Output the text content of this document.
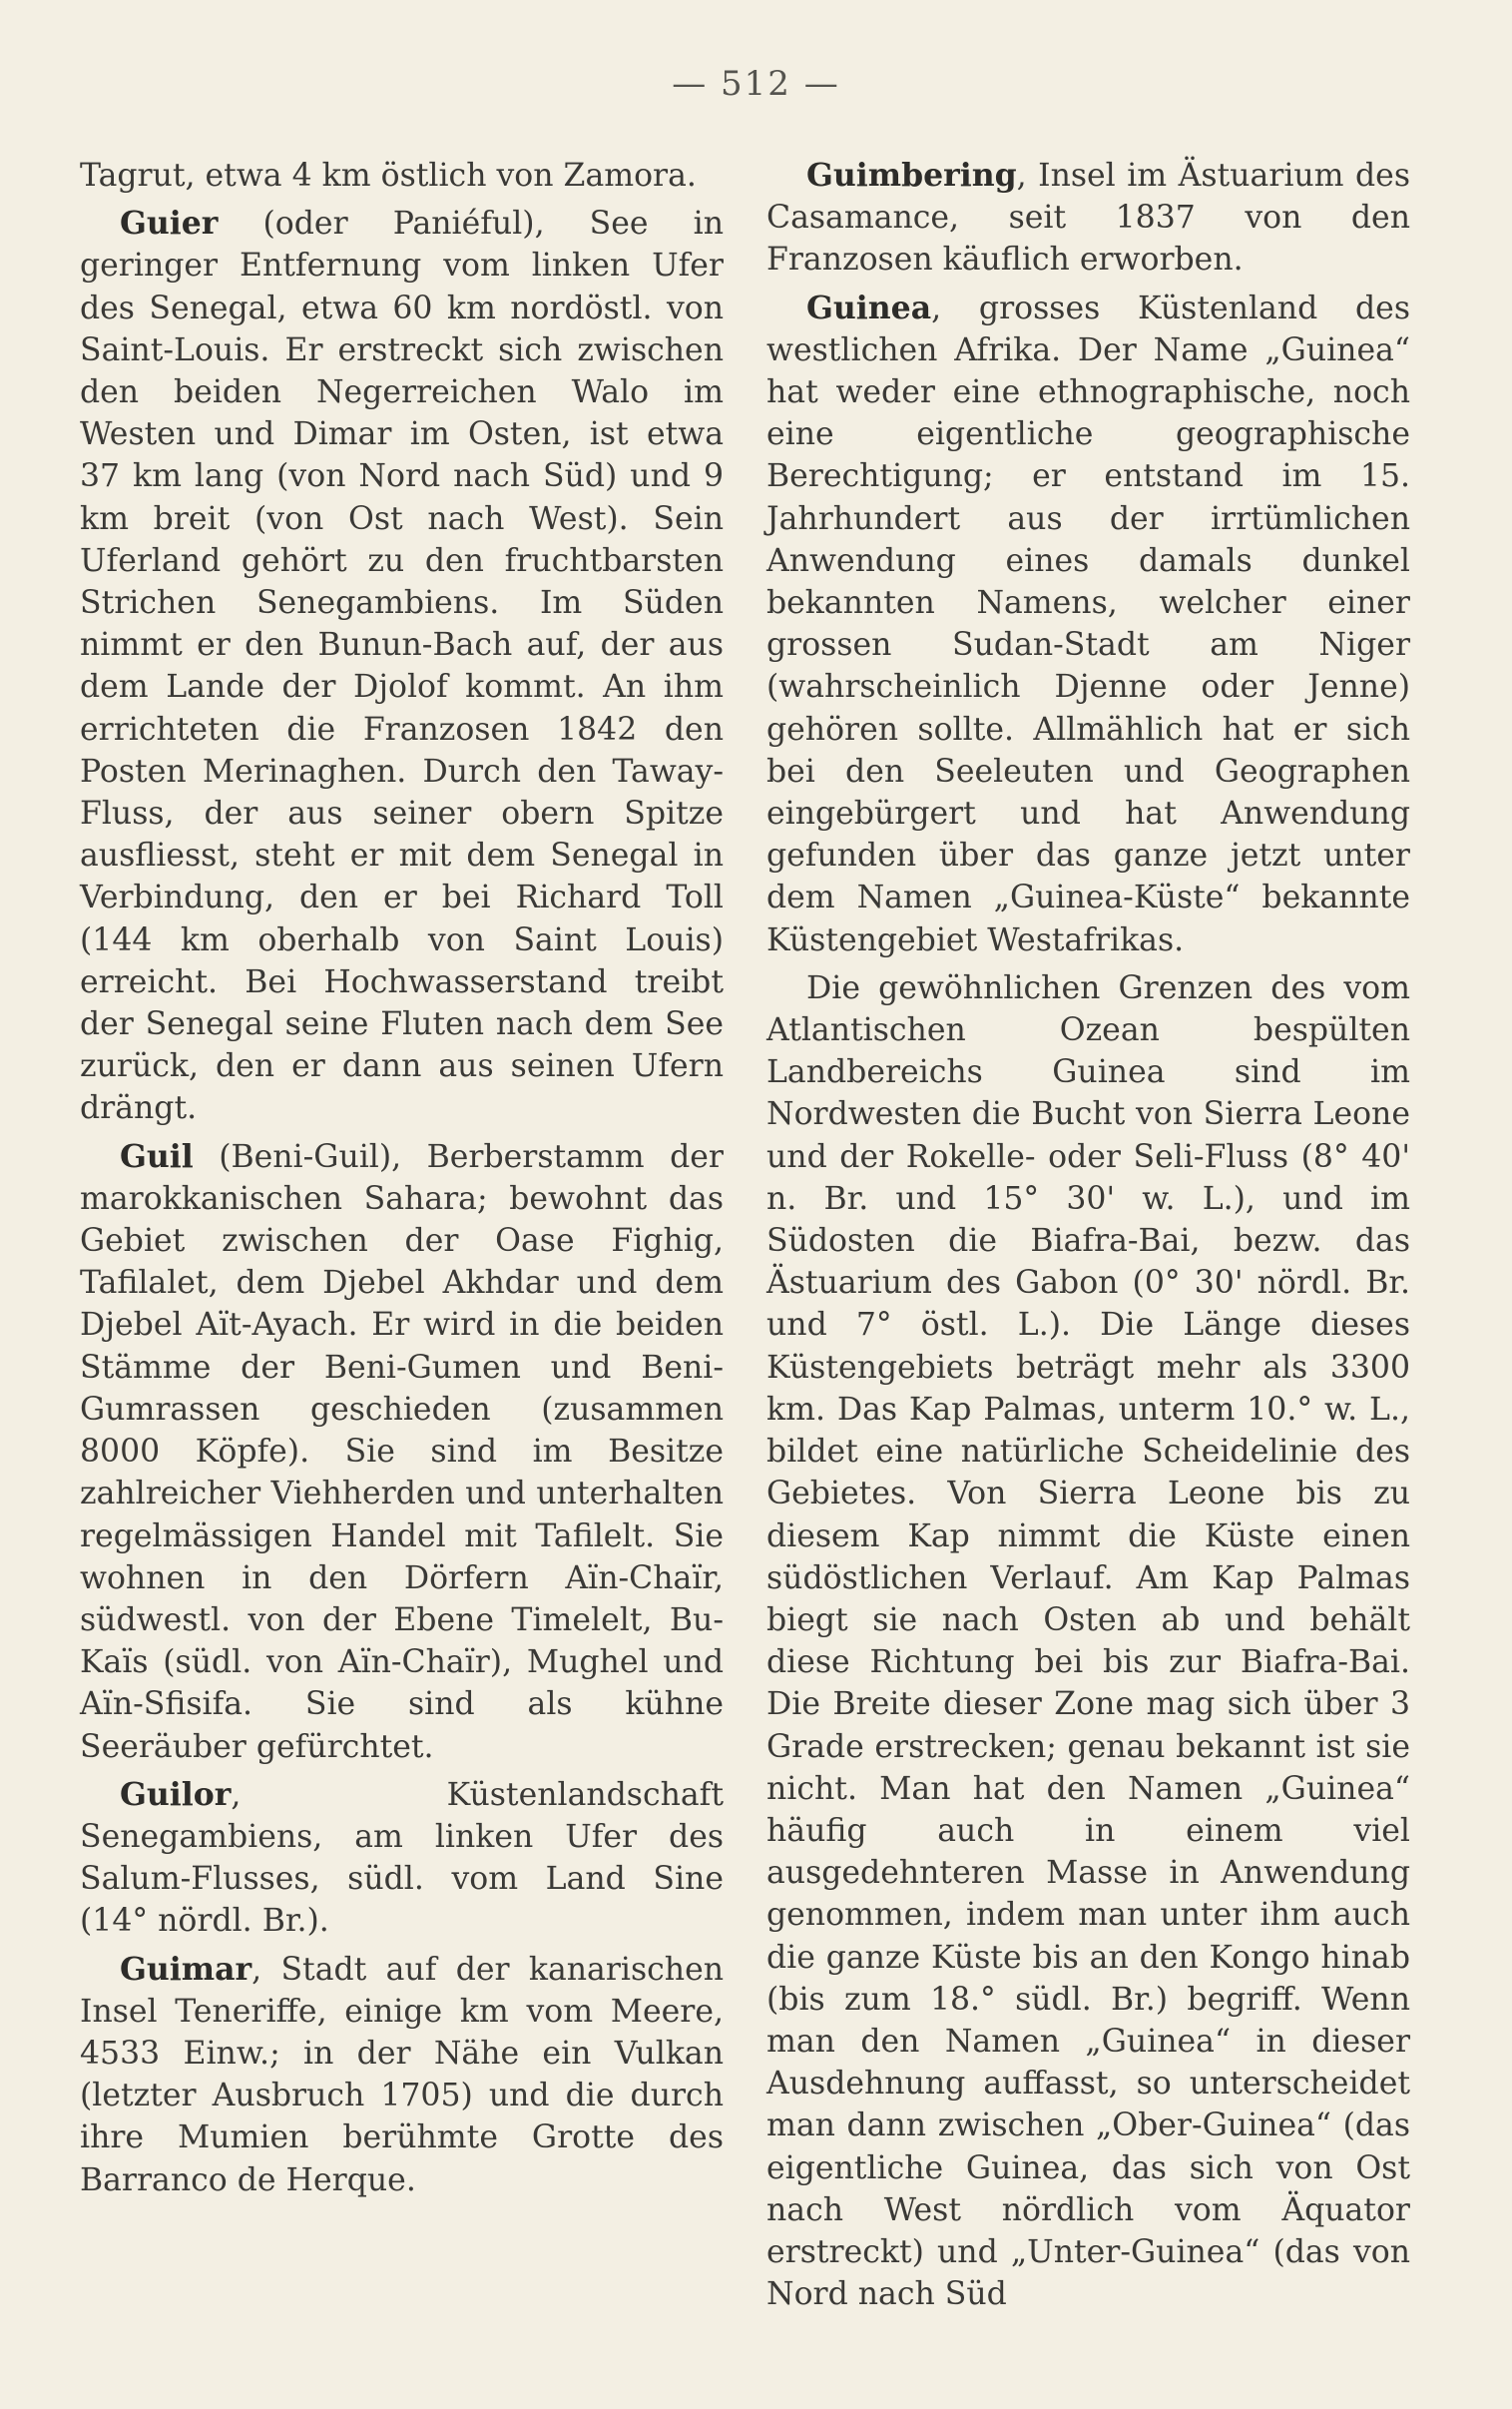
— 512 —

Tagrut, etwa 4 km östlich von Zamora.

Guier (oder Paniéful), See in geringer Entfernung vom linken Ufer des Senegal, etwa 60 km nordöstl. von Saint-Louis. Er erstreckt sich zwischen den beiden Negerreichen Walo im Westen und Dimar im Osten, ist etwa 37 km lang (von Nord nach Süd) und 9 km breit (von Ost nach West). Sein Uferland gehört zu den fruchtbarsten Strichen Senegambiens. Im Süden nimmt er den Bunun-Bach auf, der aus dem Lande der Djolof kommt. An ihm errichteten die Franzosen 1842 den Posten Merinaghen. Durch den Taway-Fluss, der aus seiner obern Spitze ausfliesst, steht er mit dem Senegal in Verbindung, den er bei Richard Toll (144 km oberhalb von Saint Louis) erreicht. Bei Hochwasserstand treibt der Senegal seine Fluten nach dem See zurück, den er dann aus seinen Ufern drängt.

Guil (Beni-Guil), Berberstamm der marokkanischen Sahara; bewohnt das Gebiet zwischen der Oase Fighig, Tafilalet, dem Djebel Akhdar und dem Djebel Aït-Ayach. Er wird in die beiden Stämme der Beni-Gumen und Beni-Gumrassen geschieden (zusammen 8000 Köpfe). Sie sind im Besitze zahlreicher Viehherden und unterhalten regelmässigen Handel mit Tafilelt. Sie wohnen in den Dörfern Aïn-Chaïr, südwestl. von der Ebene Timelelt, Bu-Kaïs (südl. von Aïn-Chaïr), Mughel und Aïn-Sfisifa. Sie sind als kühne Seeräuber gefürchtet.

Guilor, Küstenlandschaft Senegambiens, am linken Ufer des Salum-Flusses, südl. vom Land Sine (14° nördl. Br.).

Guimar, Stadt auf der kanarischen Insel Teneriffe, einige km vom Meere, 4533 Einw.; in der Nähe ein Vulkan (letzter Ausbruch 1705) und die durch ihre Mumien berühmte Grotte des Barranco de Herque.

Guimbering, Insel im Ästuarium des Casamance, seit 1837 von den Franzosen käuflich erworben.

Guinea, grosses Küstenland des westlichen Afrika. Der Name „Guinea“ hat weder eine ethnographische, noch eine eigentliche geographische Berechtigung; er entstand im 15. Jahrhundert aus der irrtümlichen Anwendung eines damals dunkel bekannten Namens, welcher einer grossen Sudan-Stadt am Niger (wahrscheinlich Djenne oder Jenne) gehören sollte. Allmählich hat er sich bei den Seeleuten und Geographen eingebürgert und hat Anwendung gefunden über das ganze jetzt unter dem Namen „Guinea-Küste“ bekannte Küstengebiet Westafrikas.

Die gewöhnlichen Grenzen des vom Atlantischen Ozean bespülten Landbereichs Guinea sind im Nordwesten die Bucht von Sierra Leone und der Rokelle- oder Seli-Fluss (8° 40' n. Br. und 15° 30' w. L.), und im Südosten die Biafra-Bai, bezw. das Ästuarium des Gabon (0° 30' nördl. Br. und 7° östl. L.). Die Länge dieses Küstengebiets beträgt mehr als 3300 km. Das Kap Palmas, unterm 10.° w. L., bildet eine natürliche Scheidelinie des Gebietes. Von Sierra Leone bis zu diesem Kap nimmt die Küste einen südöstlichen Verlauf. Am Kap Palmas biegt sie nach Osten ab und behält diese Richtung bei bis zur Biafra-Bai. Die Breite dieser Zone mag sich über 3 Grade erstrecken; genau bekannt ist sie nicht. Man hat den Namen „Guinea“ häufig auch in einem viel ausgedehnteren Masse in Anwendung genommen, indem man unter ihm auch die ganze Küste bis an den Kongo hinab (bis zum 18.° südl. Br.) begriff. Wenn man den Namen „Guinea“ in dieser Ausdehnung auffasst, so unterscheidet man dann zwischen „Ober-Guinea“ (das eigentliche Guinea, das sich von Ost nach West nördlich vom Äquator erstreckt) und „Unter-Guinea“ (das von Nord nach Süd
